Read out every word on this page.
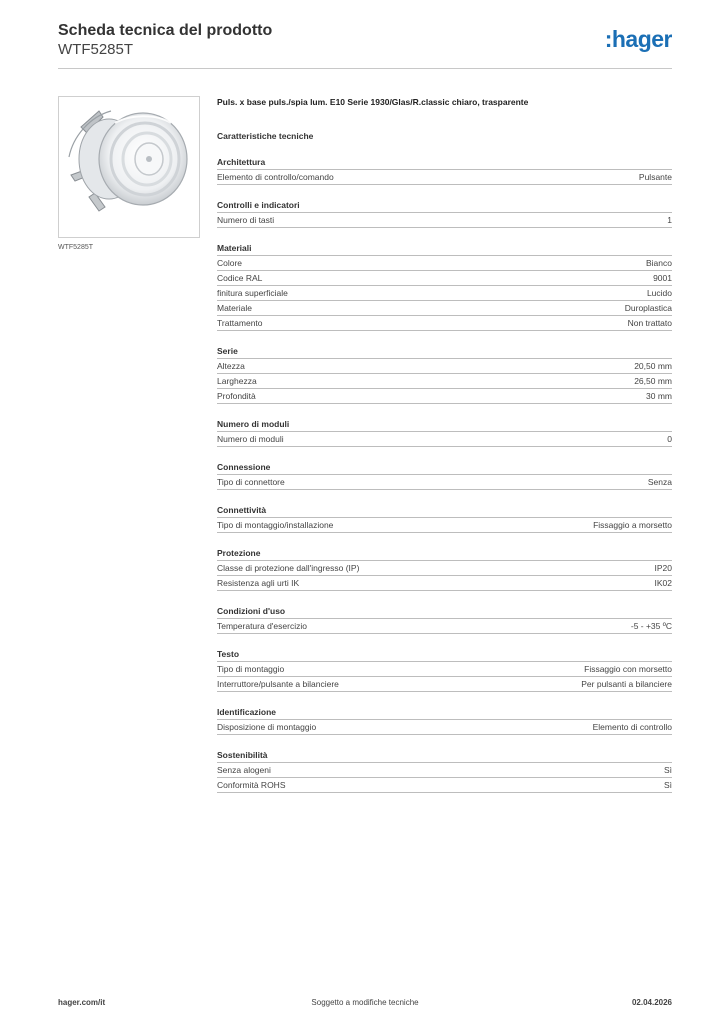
Scheda tecnica del prodotto
WTF5285T	:hager
WTF5285T
Puls. x base puls./spia lum. E10 Serie 1930/Glas/R.classic chiaro, trasparente
Caratteristiche tecniche
Architettura
Elemento di controllo/comando	Pulsante
Controlli e indicatori
Numero di tasti	1
Materiali
Colore	Bianco
Codice RAL	9001
finitura superficiale	Lucido
Materiale	Duroplastica
Trattamento	Non trattato
Serie
Altezza	20,50 mm
Larghezza	26,50 mm
Profondità	30 mm
Numero di moduli
Numero di moduli	0
Connessione
Tipo di connettore	Senza
Connettività
Tipo di montaggio/installazione	Fissaggio a morsetto
Protezione
Classe di protezione dall'ingresso (IP)	IP20
Resistenza agli urti IK	IK02
Condizioni d'uso
Temperatura d'esercizio	-5 - +35 ºC
Testo
Tipo di montaggio	Fissaggio con morsetto
Interruttore/pulsante a bilanciere	Per pulsanti a bilanciere
Identificazione
Disposizione di montaggio	Elemento di controllo
Sostenibilità
Senza alogeni	Sì
Conformità ROHS	Sì
hager.com/it	Soggetto a modifiche tecniche	02.04.2026
